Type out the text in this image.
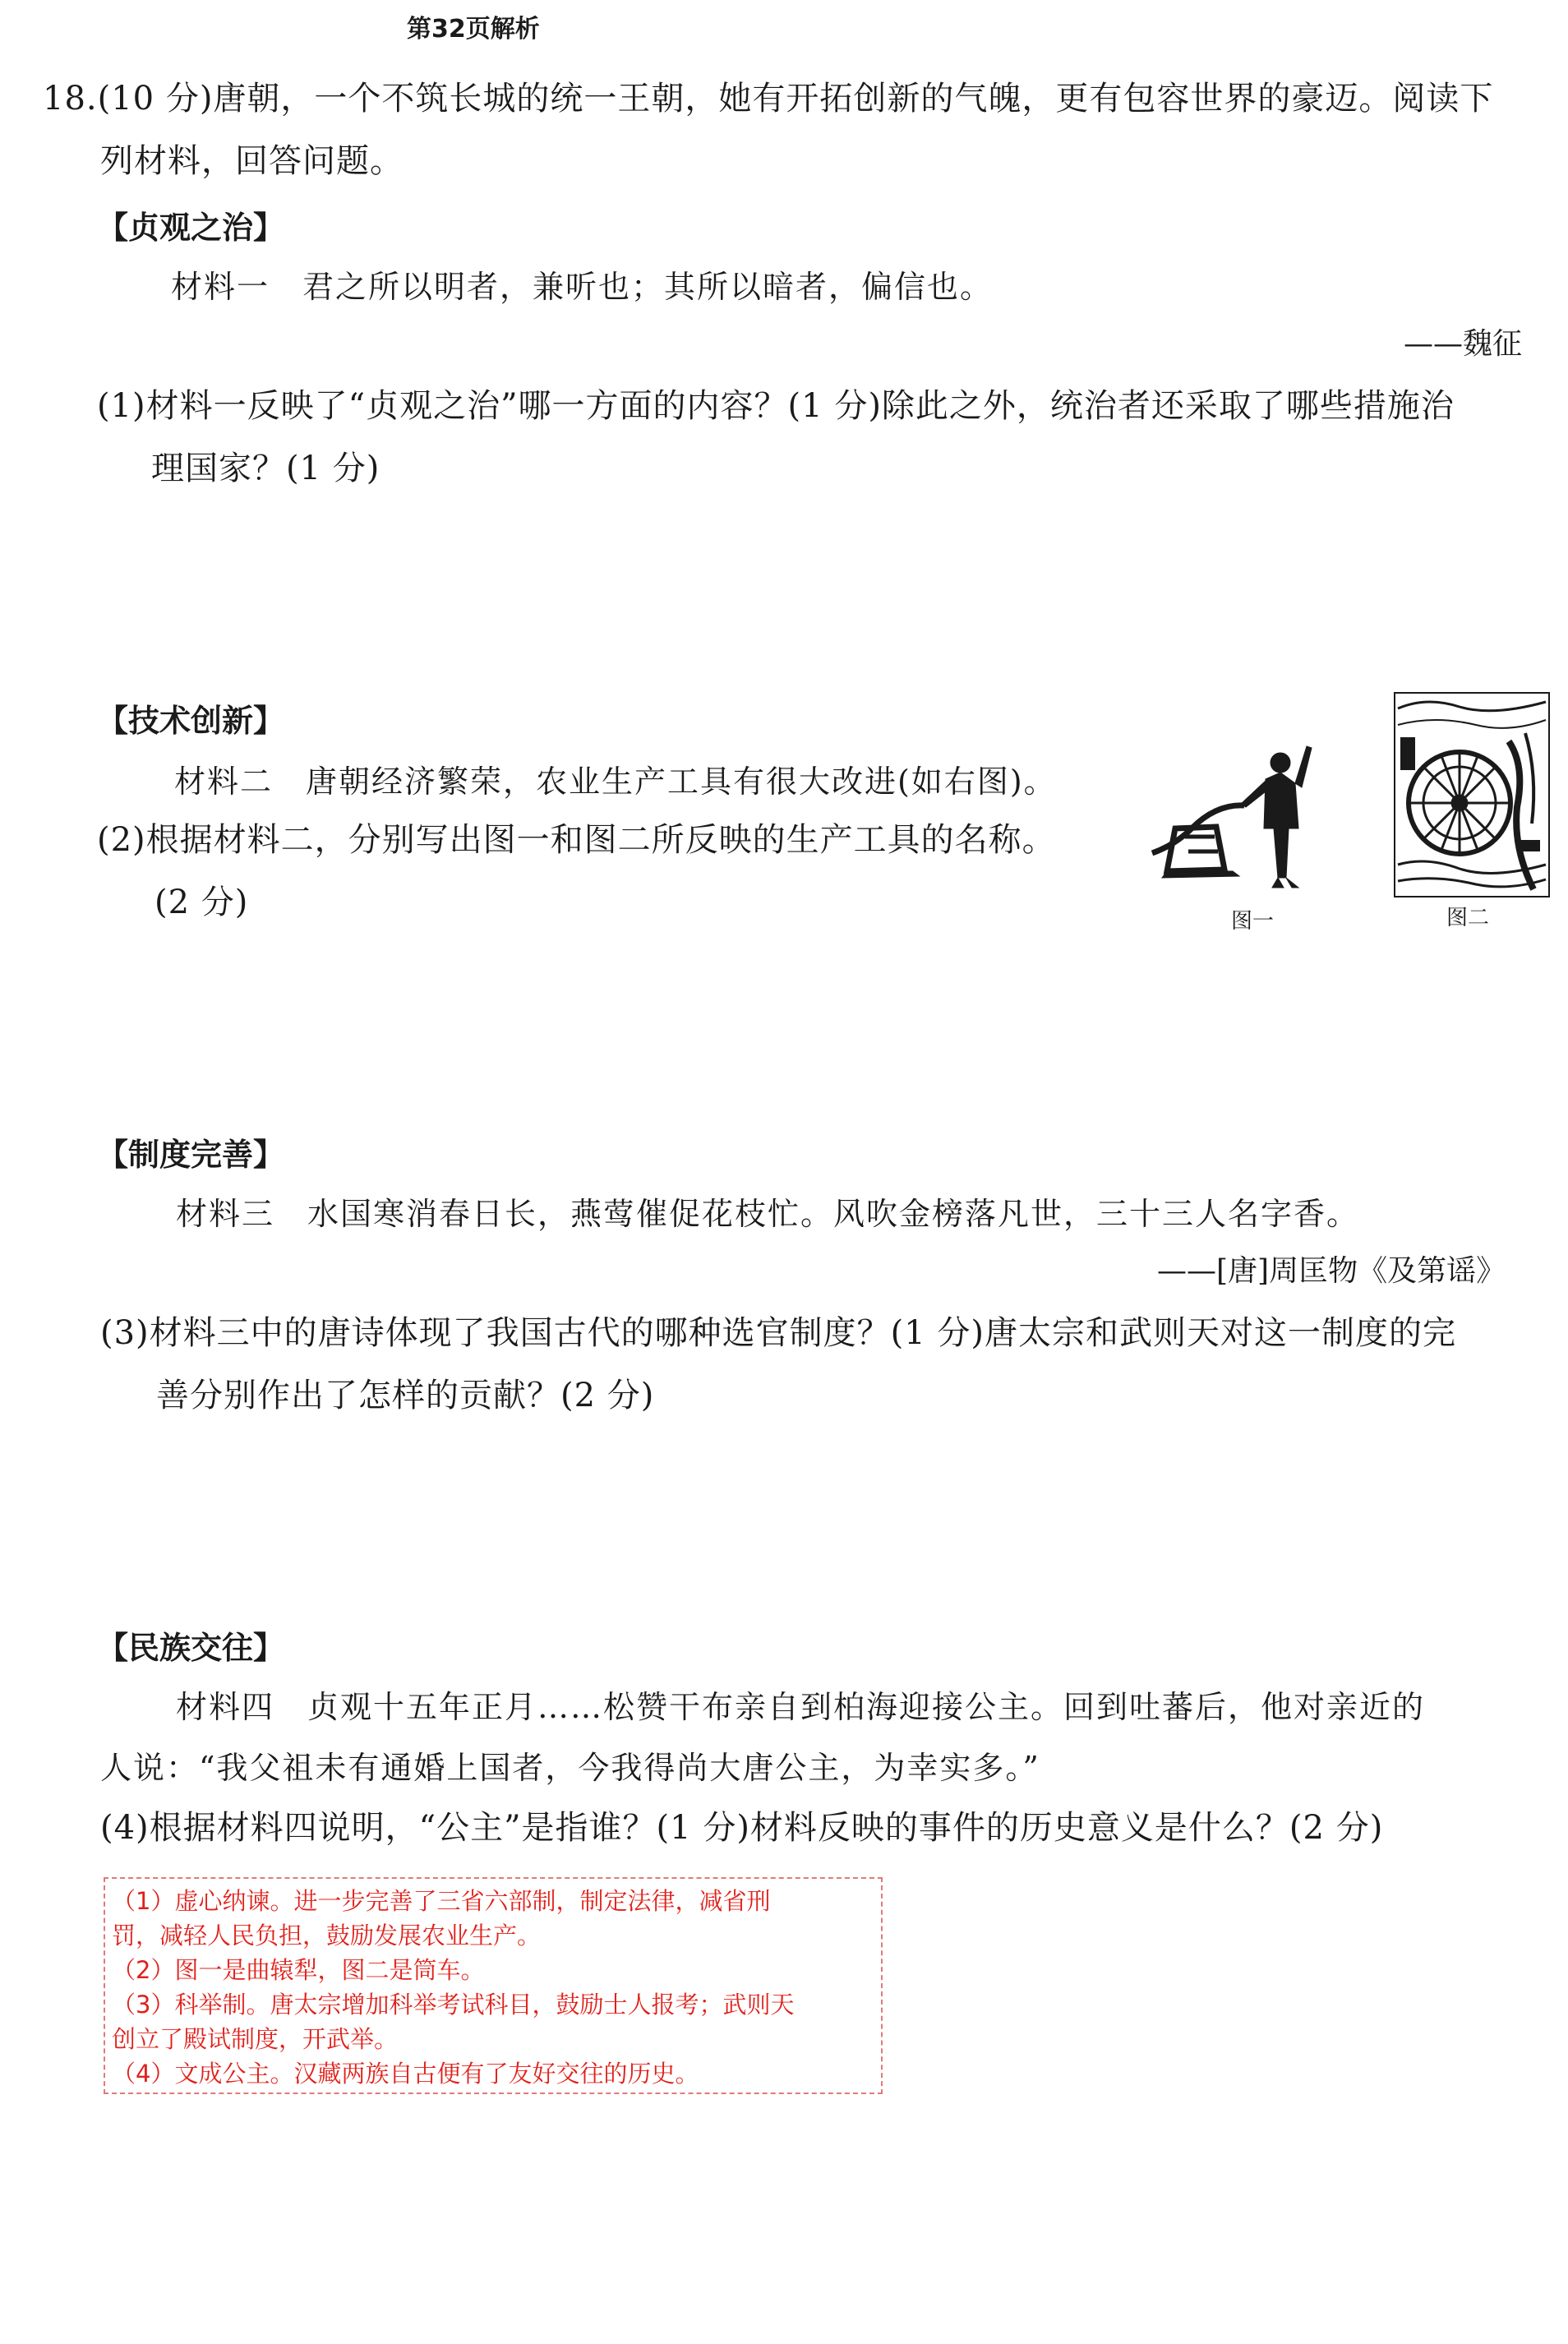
第32页解析
18.(10 分)唐朝，一个不筑长城的统一王朝，她有开拓创新的气魄，更有包容世界的豪迈。阅读下
列材料，回答问题。
【贞观之治】
材料一　君之所以明者，兼听也；其所以暗者，偏信也。
——魏征
(1)材料一反映了“贞观之治”哪一方面的内容？(1 分)除此之外，统治者还采取了哪些措施治
理国家？(1 分)
【技术创新】
材料二　唐朝经济繁荣，农业生产工具有很大改进(如右图)。
(2)根据材料二，分别写出图一和图二所反映的生产工具的名称。
(2 分)	图一	图二
【制度完善】
材料三　水国寒消春日长，燕莺催促花枝忙。风吹金榜落凡世，三十三人名字香。
——[唐]周匡物《及第谣》
(3)材料三中的唐诗体现了我国古代的哪种选官制度？(1 分)唐太宗和武则天对这一制度的完
善分别作出了怎样的贡献？(2 分)
【民族交往】
材料四　贞观十五年正月……松赞干布亲自到柏海迎接公主。回到吐蕃后，他对亲近的
人说：“我父祖未有通婚上国者，今我得尚大唐公主，为幸实多。”
(4)根据材料四说明，“公主”是指谁？(1 分)材料反映的事件的历史意义是什么？(2 分)
（1）虚心纳谏。进一步完善了三省六部制，制定法律，减省刑
罚，减轻人民负担，鼓励发展农业生产。
（2）图一是曲辕犁，图二是筒车。
（3）科举制。唐太宗增加科举考试科目，鼓励士人报考；武则天
创立了殿试制度，开武举。
（4）文成公主。汉藏两族自古便有了友好交往的历史。
